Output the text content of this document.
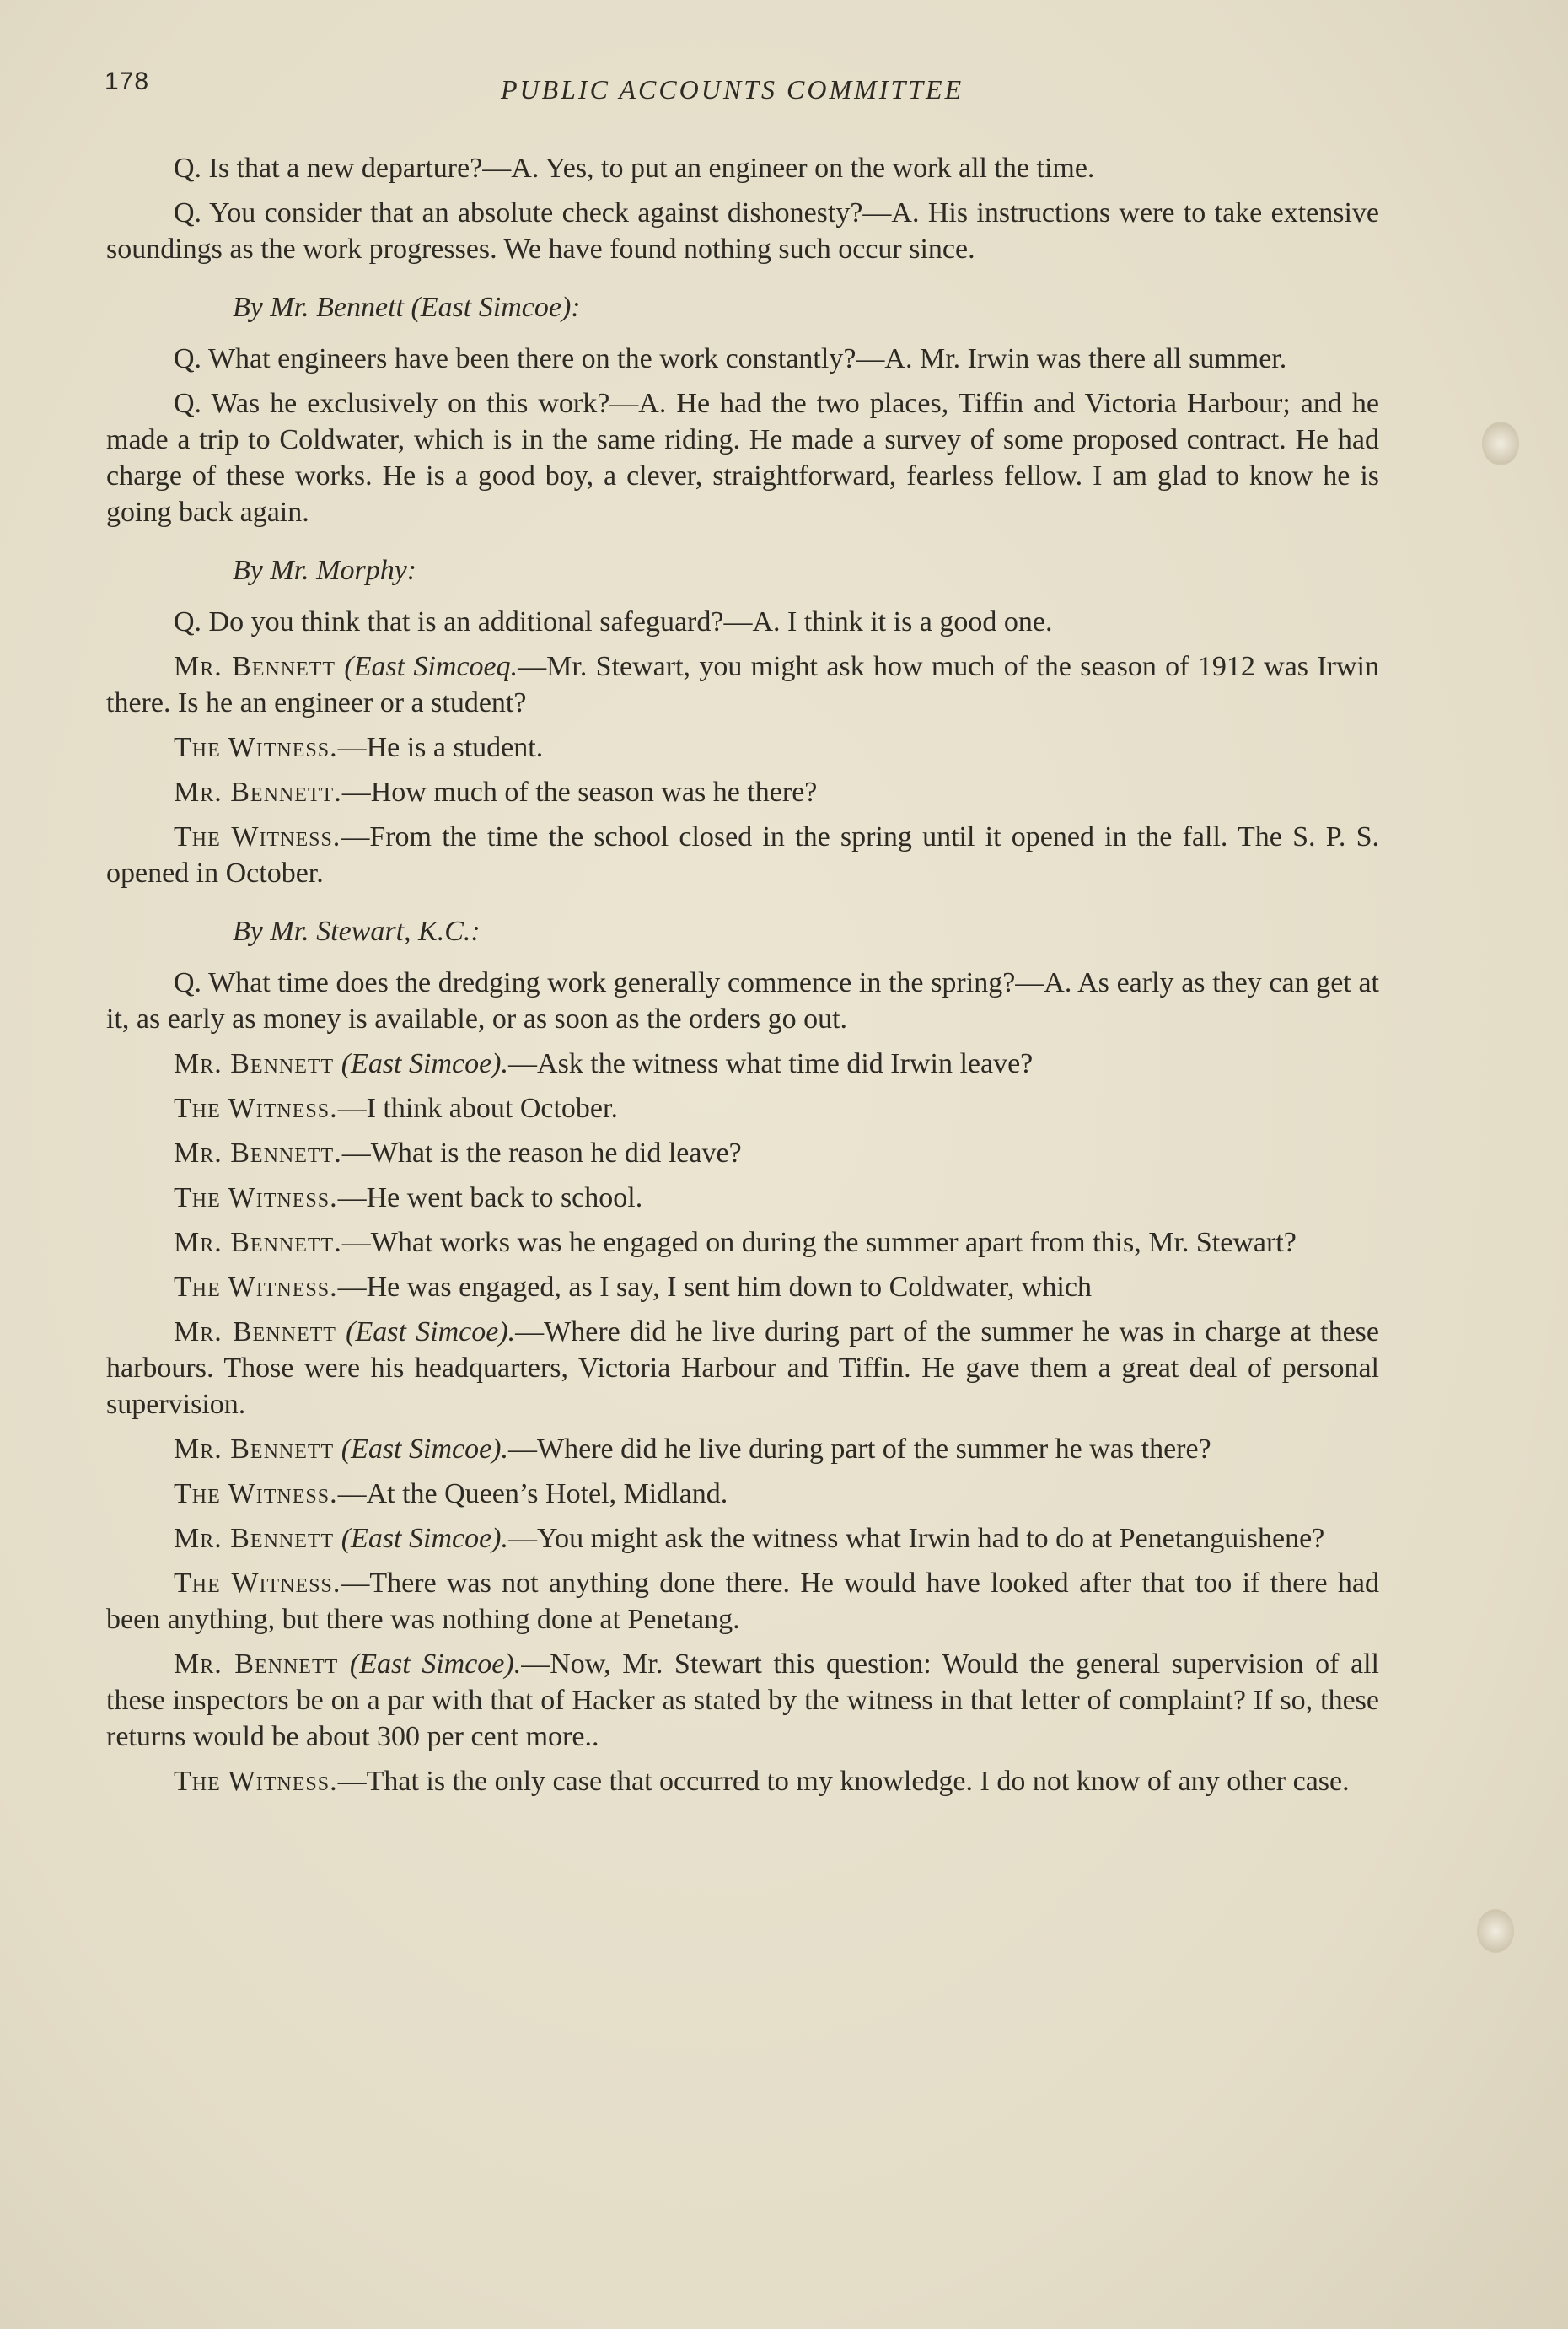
178	PUBLIC ACCOUNTS COMMITTEE

Q. Is that a new departure?—A. Yes, to put an engineer on the work all the time.

Q. You consider that an absolute check against dishonesty?—A. His instructions were to take extensive soundings as the work progresses. We have found nothing such occur since.

By Mr. Bennett (East Simcoe):

Q. What engineers have been there on the work constantly?—A. Mr. Irwin was there all summer.

Q. Was he exclusively on this work?—A. He had the two places, Tiffin and Victoria Harbour; and he made a trip to Coldwater, which is in the same riding. He made a survey of some proposed contract. He had charge of these works. He is a good boy, a clever, straightforward, fearless fellow. I am glad to know he is going back again.

By Mr. Morphy:

Q. Do you think that is an additional safeguard?—A. I think it is a good one.

Mr. Bennett (East Simcoeq.—Mr. Stewart, you might ask how much of the season of 1912 was Irwin there. Is he an engineer or a student?

The Witness.—He is a student.

Mr. Bennett.—How much of the season was he there?

The Witness.—From the time the school closed in the spring until it opened in the fall. The S. P. S. opened in October.

By Mr. Stewart, K.C.:

Q. What time does the dredging work generally commence in the spring?—A. As early as they can get at it, as early as money is available, or as soon as the orders go out.

Mr. Bennett (East Simcoe).—Ask the witness what time did Irwin leave?

The Witness.—I think about October.

Mr. Bennett.—What is the reason he did leave?

The Witness.—He went back to school.

Mr. Bennett.—What works was he engaged on during the summer apart from this, Mr. Stewart?

The Witness.—He was engaged, as I say, I sent him down to Coldwater, which

Mr. Bennett (East Simcoe).—Where did he live during part of the summer he was in charge at these harbours. Those were his headquarters, Victoria Harbour and Tiffin. He gave them a great deal of personal supervision.

Mr. Bennett (East Simcoe).—Where did he live during part of the summer he was there?

The Witness.—At the Queen’s Hotel, Midland.

Mr. Bennett (East Simcoe).—You might ask the witness what Irwin had to do at Penetanguishene?

The Witness.—There was not anything done there. He would have looked after that too if there had been anything, but there was nothing done at Penetang.

Mr. Bennett (East Simcoe).—Now, Mr. Stewart this question: Would the general supervision of all these inspectors be on a par with that of Hacker as stated by the witness in that letter of complaint? If so, these returns would be about 300 per cent more..

The Witness.—That is the only case that occurred to my knowledge. I do not know of any other case.
